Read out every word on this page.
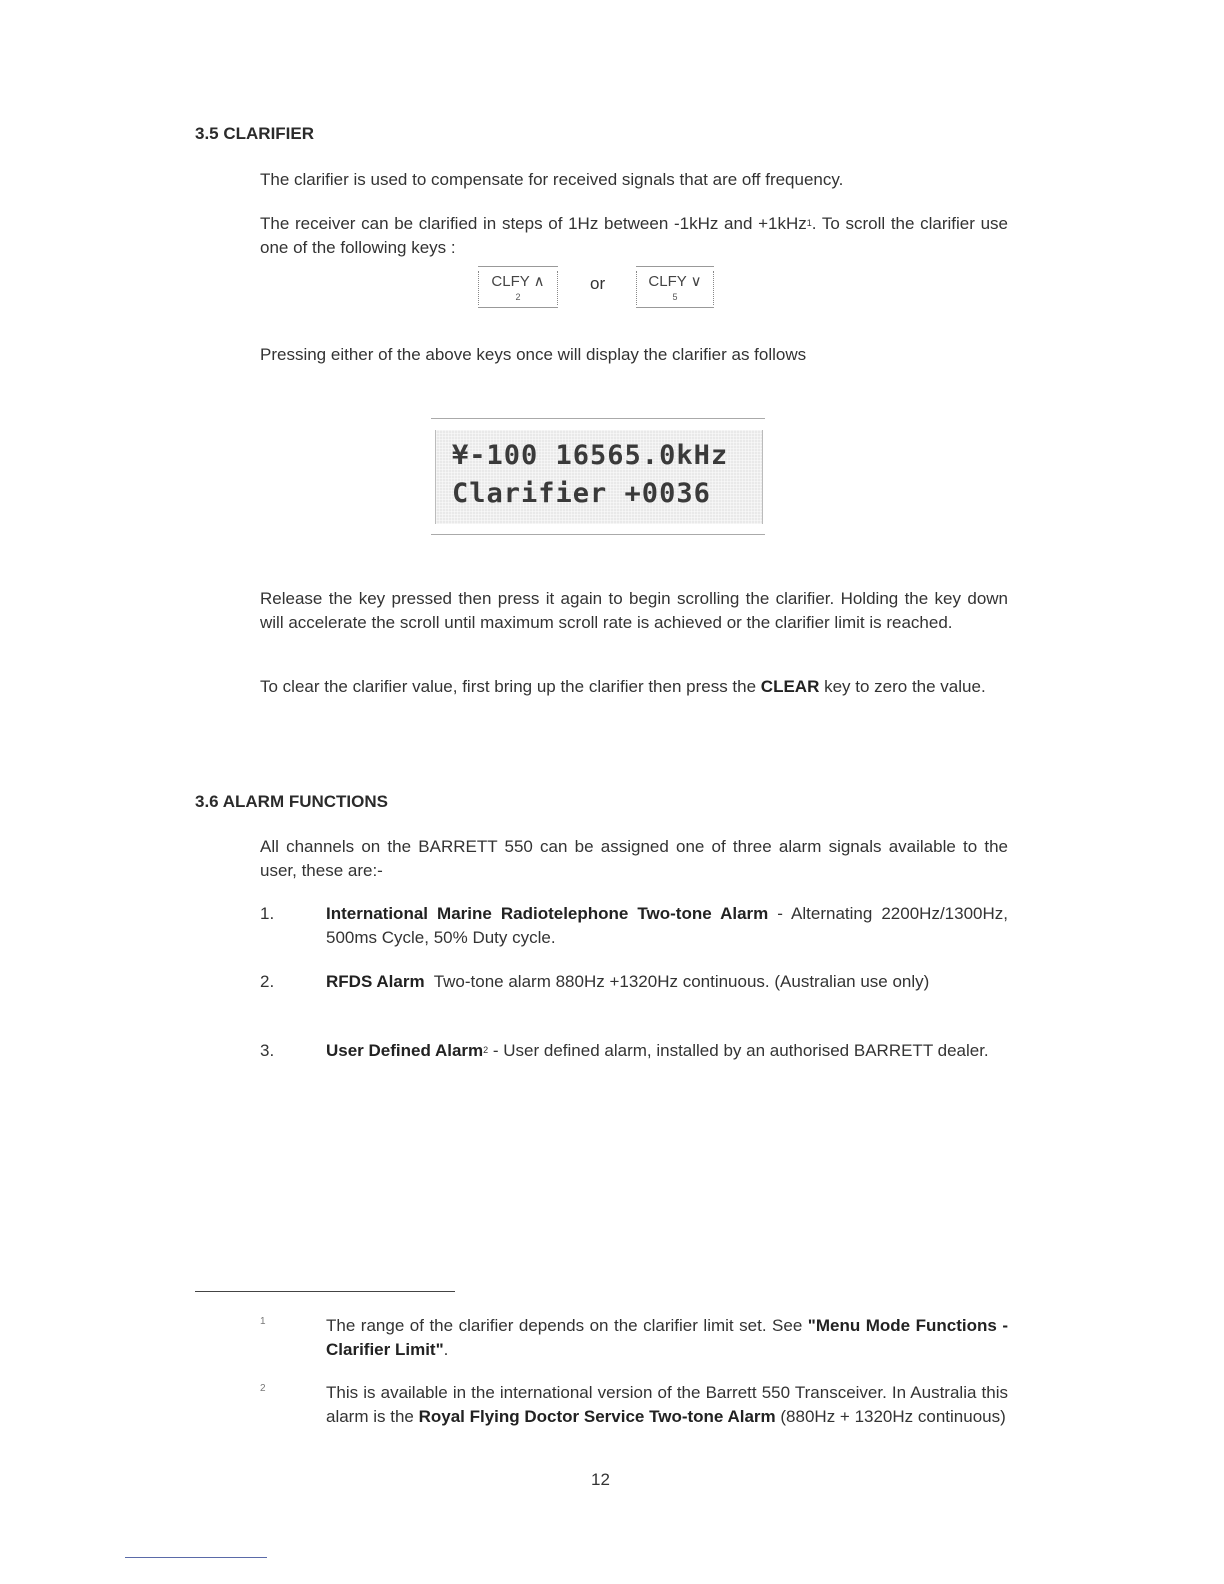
3.5 CLARIFIER

The clarifier is used to compensate for received signals that are off frequency.

The receiver can be clarified in steps of 1Hz between -1kHz and +1kHz$^1$. To scroll the clarifier use one of the following keys :

CLFY ∧
2
or	CLFY ∨
5

Pressing either of the above keys once will display the clarifier as follows

¥-100 16565.0kHz
Clarifier +0036

Release the key pressed then press it again to begin scrolling the clarifier. Holding the key down will accelerate the scroll until maximum scroll rate is achieved or the clarifier limit is reached.

To clear the clarifier value, first bring up the clarifier then press the CLEAR key to zero the value.

3.6 ALARM FUNCTIONS

All channels on the BARRETT 550 can be assigned one of three alarm signals available to the user, these are:-

1.	International Marine Radiotelephone Two-tone Alarm - Alternating 2200Hz/1300Hz, 500ms Cycle, 50% Duty cycle.
2.	RFDS Alarm  Two-tone alarm 880Hz +1320Hz continuous. (Australian use only)
3.	User Defined Alarm$^2$ - User defined alarm, installed by an authorised BARRETT dealer.
1	The range of the clarifier depends on the clarifier limit set. See "Menu Mode Functions - Clarifier Limit".
2	This is available in the international version of the Barrett 550 Transceiver. In Australia this alarm is the Royal Flying Doctor Service Two-tone Alarm (880Hz + 1320Hz continuous)
12
